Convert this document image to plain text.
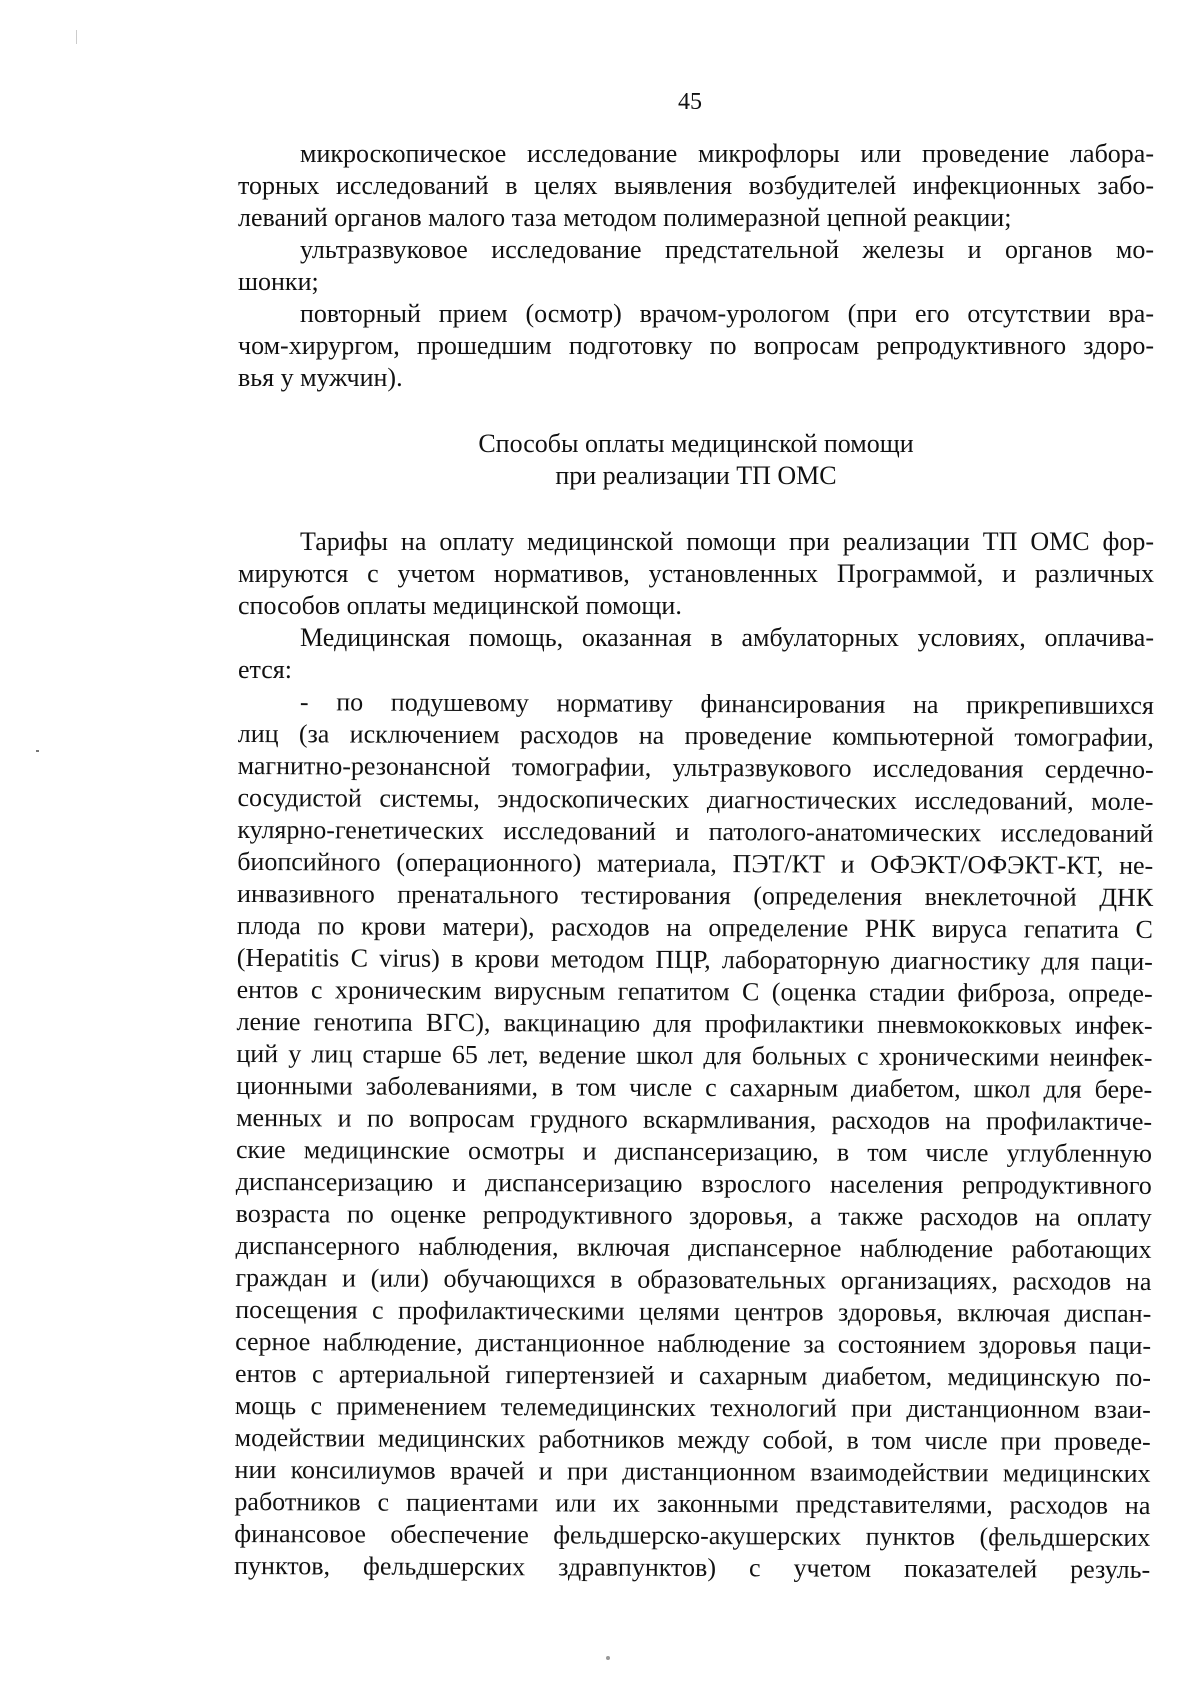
45
микроскопическое исследование микрофлоры или проведение лабора-
торных исследований в целях выявления возбудителей инфекционных забо-
леваний органов малого таза методом полимеразной цепной реакции;
ультразвуковое исследование предстательной железы и органов мо-
шонки;
повторный прием (осмотр) врачом-урологом (при его отсутствии вра-
чом-хирургом, прошедшим подготовку по вопросам репродуктивного здоро-
вья у мужчин).
Способы оплаты медицинской помощи
при реализации ТП ОМС
Тарифы на оплату медицинской помощи при реализации ТП ОМС фор-
мируются с учетом нормативов, установленных Программой, и различных
способов оплаты медицинской помощи.
Медицинская помощь, оказанная в амбулаторных условиях, оплачива-
ется:
- по подушевому нормативу финансирования на прикрепившихся
лиц (за исключением расходов на проведение компьютерной томографии,
магнитно-резонансной томографии, ультразвукового исследования сердечно-
сосудистой системы, эндоскопических диагностических исследований, моле-
кулярно-генетических исследований и патолого-анатомических исследований
биопсийного (операционного) материала, ПЭТ/КТ и ОФЭКТ/ОФЭКТ-КТ, не-
инвазивного пренатального тестирования (определения внеклеточной ДНК
плода по крови матери), расходов на определение РНК вируса гепатита С
(Hepatitis C virus) в крови методом ПЦР, лабораторную диагностику для паци-
ентов с хроническим вирусным гепатитом С (оценка стадии фиброза, опреде-
ление генотипа ВГС), вакцинацию для профилактики пневмококковых инфек-
ций у лиц старше 65 лет, ведение школ для больных с хроническими неинфек-
ционными заболеваниями, в том числе с сахарным диабетом, школ для бере-
менных и по вопросам грудного вскармливания, расходов на профилактиче-
ские медицинские осмотры и диспансеризацию, в том числе углубленную
диспансеризацию и диспансеризацию взрослого населения репродуктивного
возраста по оценке репродуктивного здоровья, а также расходов на оплату
диспансерного наблюдения, включая диспансерное наблюдение работающих
граждан и (или) обучающихся в образовательных организациях, расходов на
посещения с профилактическими целями центров здоровья, включая диспан-
серное наблюдение, дистанционное наблюдение за состоянием здоровья паци-
ентов с артериальной гипертензией и сахарным диабетом, медицинскую по-
мощь с применением телемедицинских технологий при дистанционном взаи-
модействии медицинских работников между собой, в том числе при проведе-
нии консилиумов врачей и при дистанционном взаимодействии медицинских
работников с пациентами или их законными представителями, расходов на
финансовое обеспечение фельдшерско-акушерских пунктов (фельдшерских
пунктов, фельдшерских здравпунктов) с учетом показателей резуль-
